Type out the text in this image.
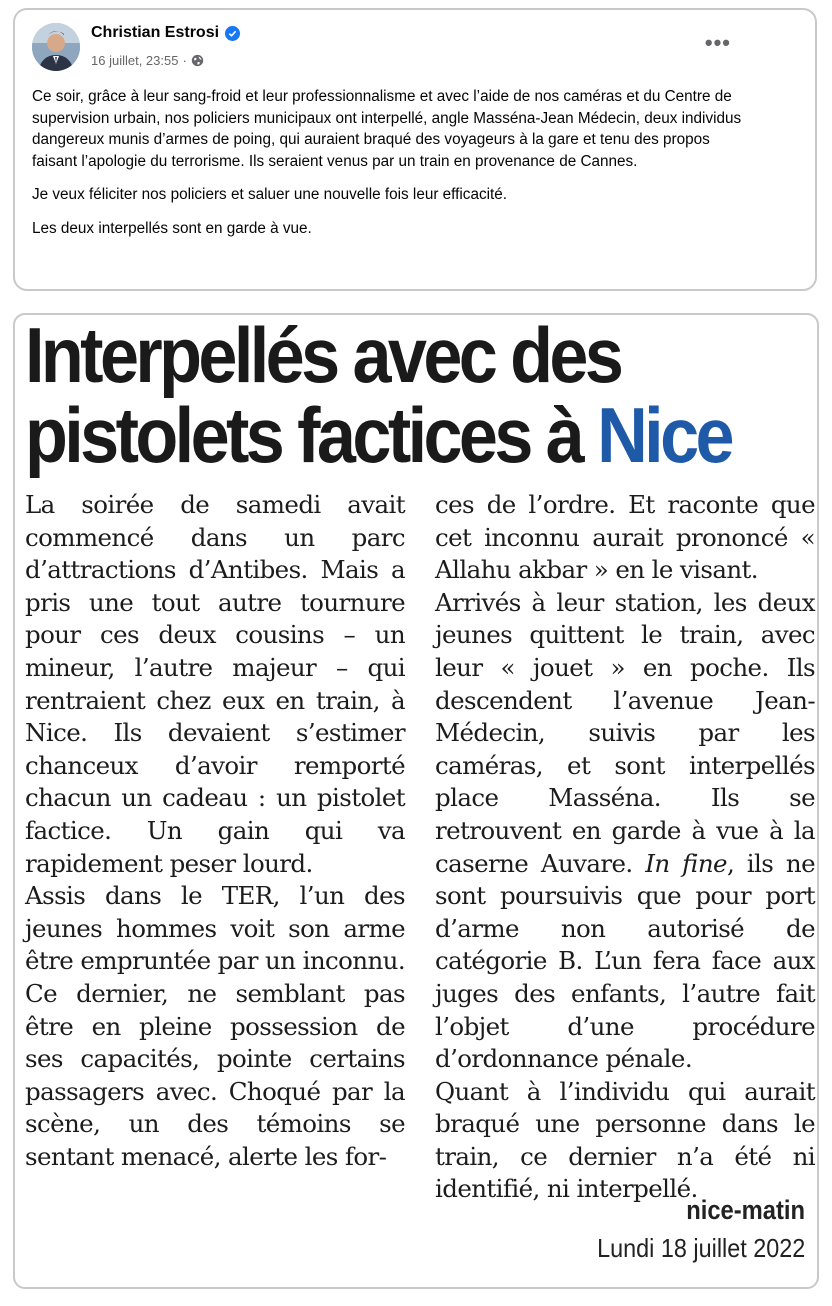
Christian Estrosi
16 juillet, 23:55 ·
•••

Ce soir, grâce à leur sang-froid et leur professionnalisme et avec l’aide de nos caméras et du Centre de supervision urbain, nos policiers municipaux ont interpellé, angle Masséna-Jean Médecin, deux individus dangereux munis d’armes de poing, qui auraient braqué des voyageurs à la gare et tenu des propos faisant l’apologie du terrorisme. Ils seraient venus par un train en provenance de Cannes.

Je veux féliciter nos policiers et saluer une nouvelle fois leur efficacité.

Les deux interpellés sont en garde à vue.

Interpellés avec des pistolets factices à Nice

La soirée de samedi avait commencé dans un parc d’attractions d’Antibes. Mais a pris une tout autre tournure pour ces deux cousins – un mineur, l’autre majeur – qui rentraient chez eux en train, à Nice. Ils devaient s’estimer chanceux d’avoir remporté chacun un cadeau : un pistolet factice. Un gain qui va rapidement peser lourd.

Assis dans le TER, l’un des jeunes hommes voit son arme être empruntée par un inconnu. Ce dernier, ne semblant pas être en pleine possession de ses capacités, pointe certains passagers avec. Choqué par la scène, un des témoins se sentant menacé, alerte les for-

ces de l’ordre. Et raconte que cet inconnu aurait prononcé « Allahu akbar » en le visant.

Arrivés à leur station, les deux jeunes quittent le train, avec leur « jouet » en poche. Ils descendent l’avenue Jean-Médecin, suivis par les caméras, et sont interpellés place Masséna. Ils se retrouvent en garde à vue à la caserne Auvare. In fine, ils ne sont poursuivis que pour port d’arme non autorisé de catégorie B. L’un fera face aux juges des enfants, l’autre fait l’objet d’une procédure d’ordonnance pénale.

Quant à l’individu qui aurait braqué une personne dans le train, ce dernier n’a été ni identifié, ni interpellé.

nice-matin
Lundi 18 juillet 2022
